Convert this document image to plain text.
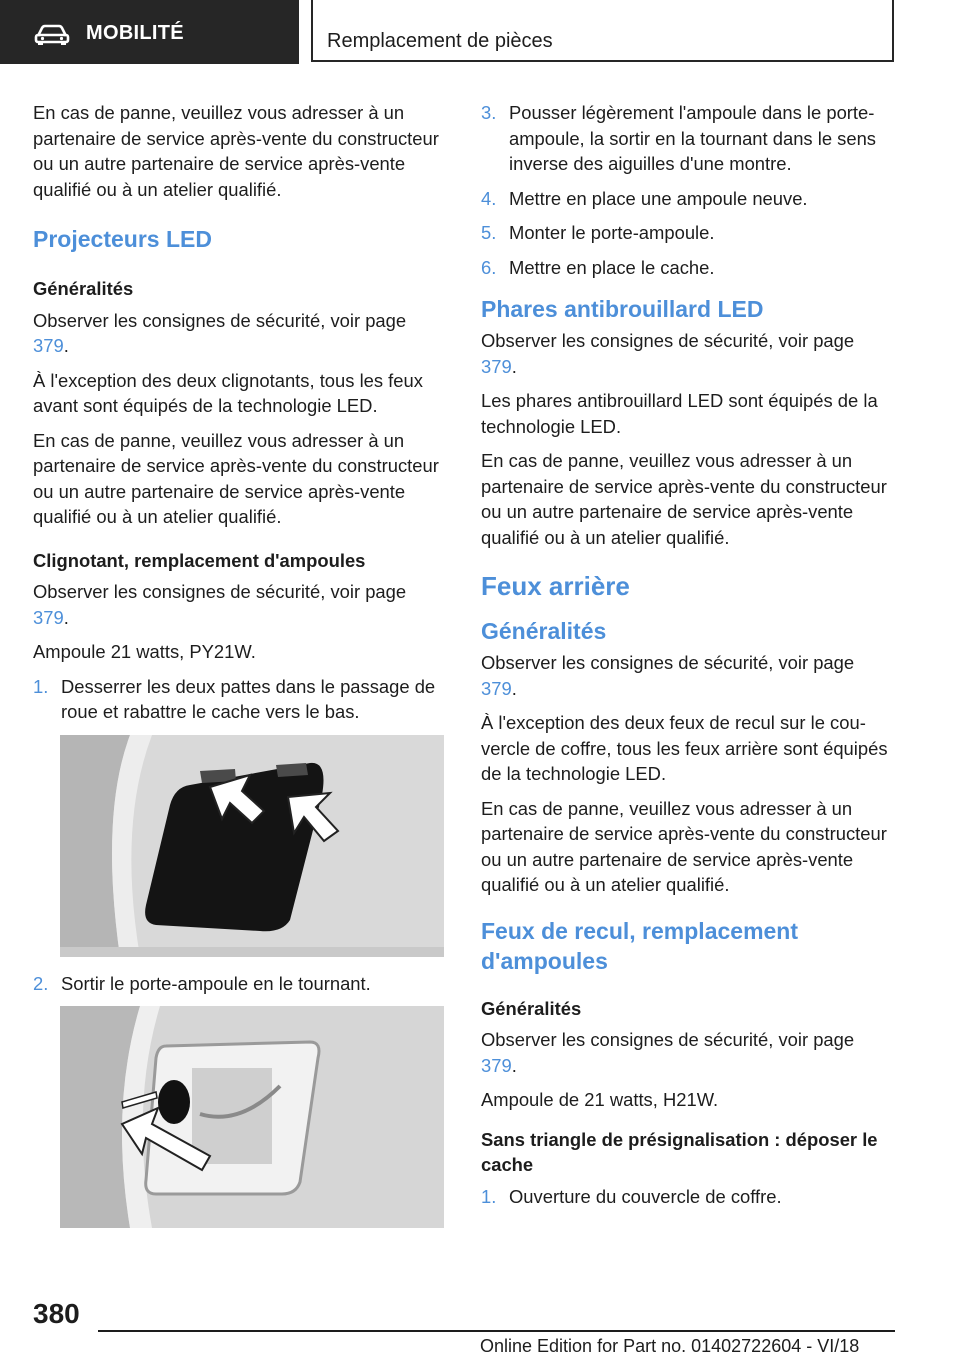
MOBILITÉ	Remplacement de pièces

En cas de panne, veuillez vous adresser à un partenaire de service après-vente du constructeur ou un autre partenaire de service après-vente qualifié ou à un atelier qualifié.

Projecteurs LED
Généralités

Observer les consignes de sécurité, voir page 379.

À l'exception des deux clignotants, tous les feux avant sont équipés de la technologie LED.

En cas de panne, veuillez vous adresser à un partenaire de service après-vente du constructeur ou un autre partenaire de service après-vente qualifié ou à un atelier qualifié.

Clignotant, remplacement d'ampoules

Observer les consignes de sécurité, voir page 379.

Ampoule 21 watts, PY21W.

1. Desserrer les deux pattes dans le passage de roue et rabattre le cache vers le bas.
2. Sortir le porte-ampoule en le tournant.
3. Pousser légèrement l'ampoule dans le porte-ampoule, la sortir en la tournant dans le sens inverse des aiguilles d'une montre.
4. Mettre en place une ampoule neuve.
5. Monter le porte-ampoule.
6. Mettre en place le cache.
Phares antibrouillard LED

Observer les consignes de sécurité, voir page 379.

Les phares antibrouillard LED sont équipés de la technologie LED.

En cas de panne, veuillez vous adresser à un partenaire de service après-vente du constructeur ou un autre partenaire de service après-vente qualifié ou à un atelier qualifié.

Feux arrière
Généralités

Observer les consignes de sécurité, voir page 379.

À l'exception des deux feux de recul sur le couvercle de coffre, tous les feux arrière sont équipés de la technologie LED.

En cas de panne, veuillez vous adresser à un partenaire de service après-vente du constructeur ou un autre partenaire de service après-vente qualifié ou à un atelier qualifié.

Feux de recul, remplacement d'ampoules
Généralités

Observer les consignes de sécurité, voir page 379.

Ampoule de 21 watts, H21W.

Sans triangle de présignalisation : déposer le cache
1. Ouverture du couvercle de coffre.
380
Online Edition for Part no. 01402722604 - VI/18
